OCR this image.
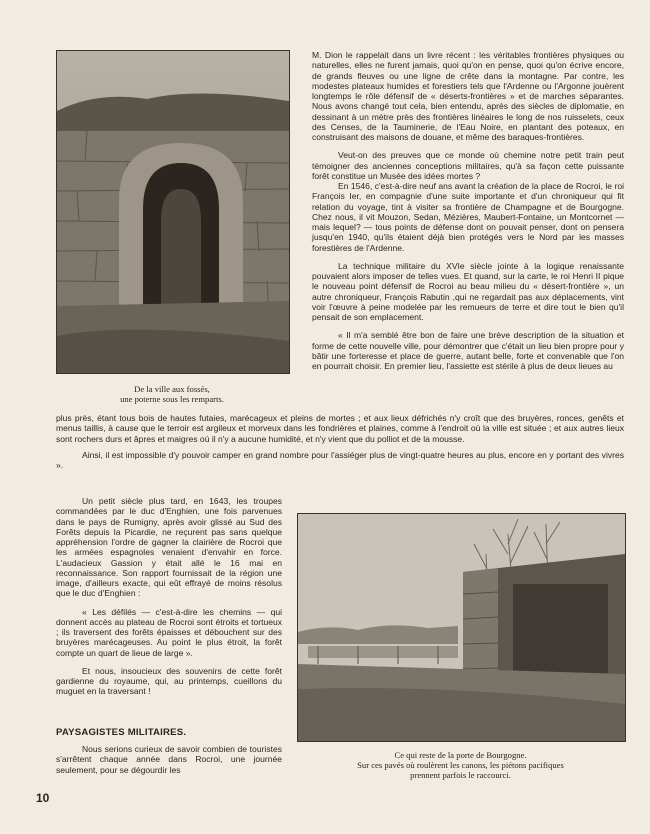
De la ville aux fossés,
une poterne sous les remparts.

M. Dion le rappelait dans un livre récent : les véritables frontières physiques ou naturelles, elles ne furent jamais, quoi qu'on en pense, quoi qu'on écrive encore, de grands fleuves ou une ligne de crête dans la montagne. Par contre, les modestes plateaux humides et forestiers tels que l'Ardenne ou l'Argonne jouèrent longtemps le rôle défensif de « déserts-frontières » et de marches séparantes. Nous avons changé tout cela, bien entendu, après des siècles de diplomatie, en dessinant à un mètre près des frontières linéaires le long de nos ruisselets, ceux des Censes, de la Tauminerie, de l'Eau Noire, en plantant des poteaux, en construisant des maisons de douane, et même des baraques-frontières.

Veut-on des preuves que ce monde où chemine notre petit train peut témoigner des anciennes conceptions militaires, qu'à sa façon cette puissante forêt constitue un Musée des idées mortes ?

En 1546, c'est-à-dire neuf ans avant la création de la place de Rocroi, le roi François Ier, en compagnie d'une suite importante et d'un chroniqueur qui fit relation du voyage, tint à visiter sa frontière de Champagne et de Bourgogne. Chez nous, il vit Mouzon, Sedan, Mézières, Maubert-Fontaine, un Montcornet — mais lequel? — tous points de défense dont on pouvait penser, dont on pensera jusqu'en 1940, qu'ils étaient déjà bien protégés vers le Nord par les masses forestières de l'Ardenne.

La technique militaire du XVIe siècle jointe à la logique renaissante pouvaient alors imposer de telles vues. Et quand, sur la carte, le roi Henri II pique le nouveau point défensif de Rocroi au beau milieu du « désert-frontière », un autre chroniqueur, François Rabutin ,qui ne regardait pas aux déplacements, vint voir l'œuvre à peine modelée par les remueurs de terre et dire tout le bien qu'il pensait de son emplacement.

« Il m'a semblé être bon de faire une brève description de la situation et forme de cette nouvelle ville, pour démontrer que c'était un lieu bien propre pour y bâtir une forteresse et place de guerre, autant belle, forte et convenable que l'on en pourrait choisir. En premier lieu, l'assiette est stérile à plus de deux lieues au

plus près, étant tous bois de hautes futaies, marécageux et pleins de mortes ; et aux lieux défrichés n'y croît que des bruyères, ronces, genêts et menus taillis, à cause que le terroir est argileux et morveux dans les fondrières et plaines, comme à l'endroit où la ville est située ; et aux autres lieux sont rochers durs et âpres et maigres où il n'y a aucune humidité, et n'y vient que du polliot et de la mousse.

Ainsi, il est impossible d'y pouvoir camper en grand nombre pour l'assiéger plus de vingt-quatre heures au plus, encore en y portant des vivres ».

Un petit siècle plus tard, en 1643, les troupes commandées par le duc d'Enghien, une fois parvenues dans le pays de Rumigny, après avoir glissé au Sud des Forêts depuis la Picardie, ne reçurent pas sans quelque appréhension l'ordre de gagner la clairière de Rocroi que les armées espagnoles venaient d'envahir en force. L'audacieux Gassion y était allé le 16 mai en reconnaissance. Son rapport fournissait de la région une image, d'ailleurs exacte, qui eût effrayé de moins résolus que le duc d'Enghien :

« Les défilés — c'est-à-dire les chemins — qui donnent accès au plateau de Rocroi sont étroits et tortueux ; ils traversent des forêts épaisses et débouchent sur des bruyères marécageuses. Au point le plus étroit, la forêt compte un quart de lieue de large ».

Et nous, insoucieux des souvenirs de cette forêt gardienne du royaume, qui, au printemps, cueillons du muguet en la traversant !

PAYSAGISTES MILITAIRES.

Nous serions curieux de savoir combien de touristes s'arrêtent chaque année dans Rocroi, une journée seulement, pour se dégourdir les

Ce qui reste de la porte de Bourgogne.
Sur ces pavés où roulèrent les canons, les piétons pacifiques
prennent parfois le raccourci.
10
